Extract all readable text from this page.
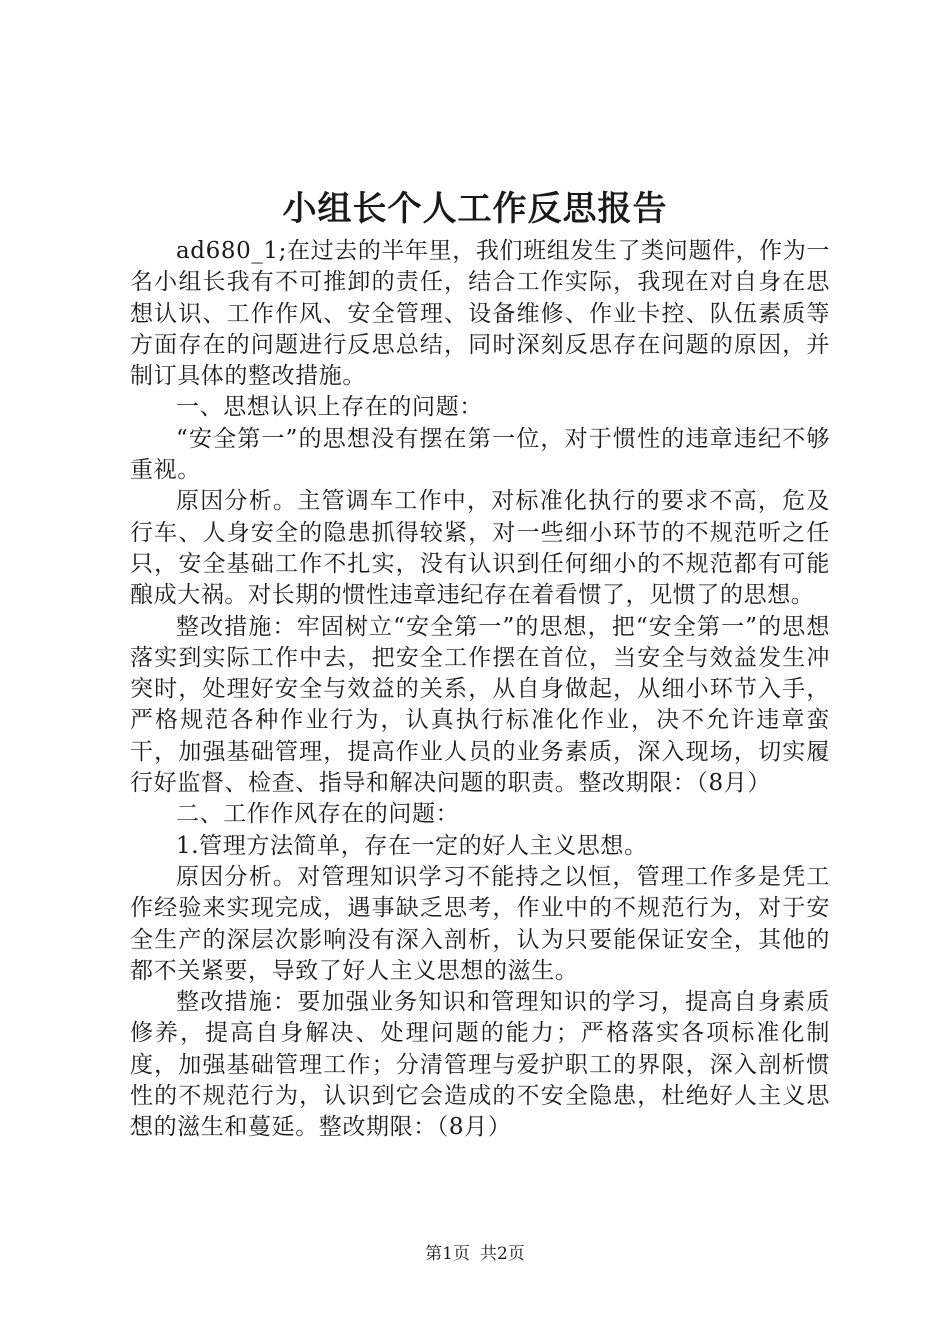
小组长个人工作反思报告

ad680_1;在过去的半年里，我们班组发生了类问题件，作为一名小组长我有不可推卸的责任，结合工作实际，我现在对自身在思想认识、工作作风、安全管理、设备维修、作业卡控、队伍素质等方面存在的问题进行反思总结，同时深刻反思存在问题的原因，并制订具体的整改措施。

一、思想认识上存在的问题：

“安全第一”的思想没有摆在第一位，对于惯性的违章违纪不够重视。

原因分析。主管调车工作中，对标准化执行的要求不高，危及行车、人身安全的隐患抓得较紧，对一些细小环节的不规范听之任只，安全基础工作不扎实，没有认识到任何细小的不规范都有可能酿成大祸。对长期的惯性违章违纪存在着看惯了，见惯了的思想。

整改措施：牢固树立“安全第一”的思想，把“安全第一”的思想落实到实际工作中去，把安全工作摆在首位，当安全与效益发生冲突时，处理好安全与效益的关系，从自身做起，从细小环节入手，严格规范各种作业行为，认真执行标准化作业，决不允许违章蛮干，加强基础管理，提高作业人员的业务素质，深入现场，切实履行好监督、检查、指导和解决问题的职责。整改期限：（8月）

二、工作作风存在的问题：

1.管理方法简单，存在一定的好人主义思想。

原因分析。对管理知识学习不能持之以恒，管理工作多是凭工作经验来实现完成，遇事缺乏思考，作业中的不规范行为，对于安全生产的深层次影响没有深入剖析，认为只要能保证安全，其他的都不关紧要，导致了好人主义思想的滋生。

整改措施：要加强业务知识和管理知识的学习，提高自身素质修养，提高自身解决、处理问题的能力；严格落实各项标准化制度，加强基础管理工作；分清管理与爱护职工的界限，深入剖析惯性的不规范行为，认识到它会造成的不安全隐患，杜绝好人主义思想的滋生和蔓延。整改期限：（8月）

第1页 共2页
